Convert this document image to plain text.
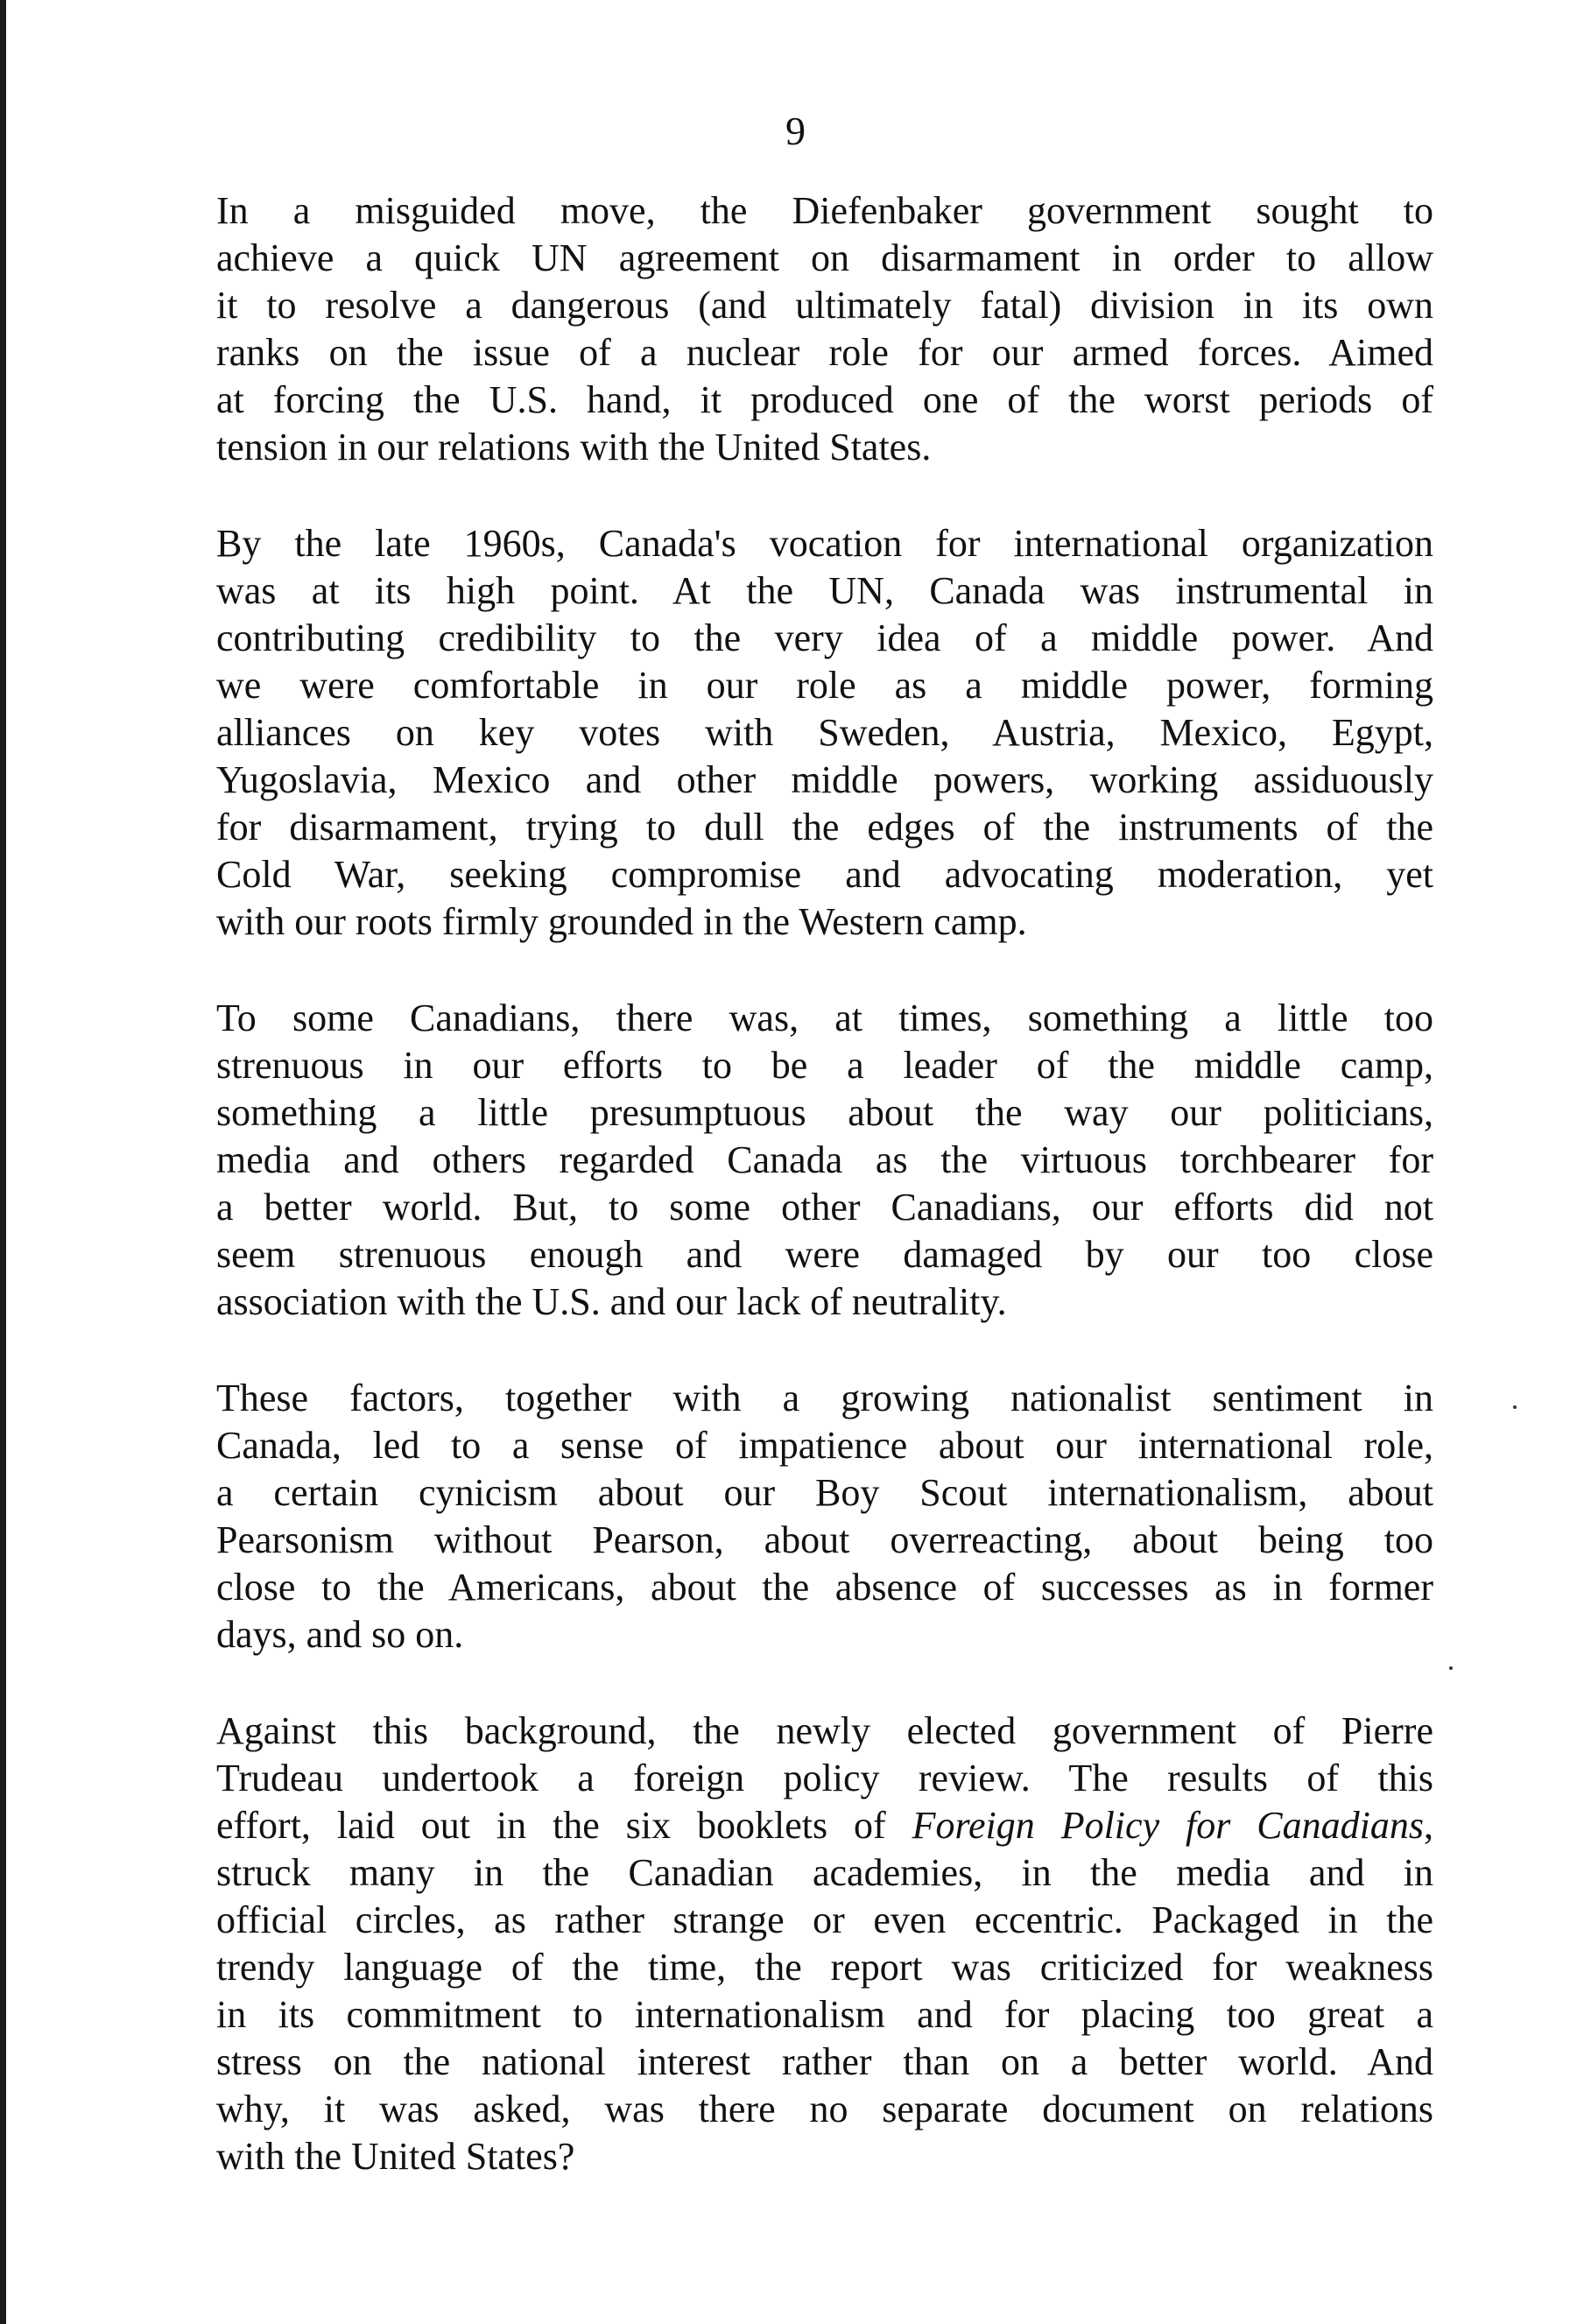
9

In a misguided move, the Diefenbaker government sought to
achieve a quick UN agreement on disarmament in order to allow
it to resolve a dangerous (and ultimately fatal) division in its own
ranks on the issue of a nuclear role for our armed forces. Aimed
at forcing the U.S. hand, it produced one of the worst periods of
tension in our relations with the United States.

By the late 1960s, Canada's vocation for international organization
was at its high point. At the UN, Canada was instrumental in
contributing credibility to the very idea of a middle power. And
we were comfortable in our role as a middle power, forming
alliances on key votes with Sweden, Austria, Mexico, Egypt,
Yugoslavia, Mexico and other middle powers, working assiduously
for disarmament, trying to dull the edges of the instruments of the
Cold War, seeking compromise and advocating moderation, yet
with our roots firmly grounded in the Western camp.

To some Canadians, there was, at times, something a little too
strenuous in our efforts to be a leader of the middle camp,
something a little presumptuous about the way our politicians,
media and others regarded Canada as the virtuous torchbearer for
a better world. But, to some other Canadians, our efforts did not
seem strenuous enough and were damaged by our too close
association with the U.S. and our lack of neutrality.

These factors, together with a growing nationalist sentiment in
Canada, led to a sense of impatience about our international role,
a certain cynicism about our Boy Scout internationalism, about
Pearsonism without Pearson, about overreacting, about being too
close to the Americans, about the absence of successes as in former
days, and so on.

Against this background, the newly elected government of Pierre
Trudeau undertook a foreign policy review. The results of this
effort, laid out in the six booklets of Foreign Policy for Canadians,
struck many in the Canadian academies, in the media and in
official circles, as rather strange or even eccentric. Packaged in the
trendy language of the time, the report was criticized for weakness
in its commitment to internationalism and for placing too great a
stress on the national interest rather than on a better world. And
why, it was asked, was there no separate document on relations
with the United States?
